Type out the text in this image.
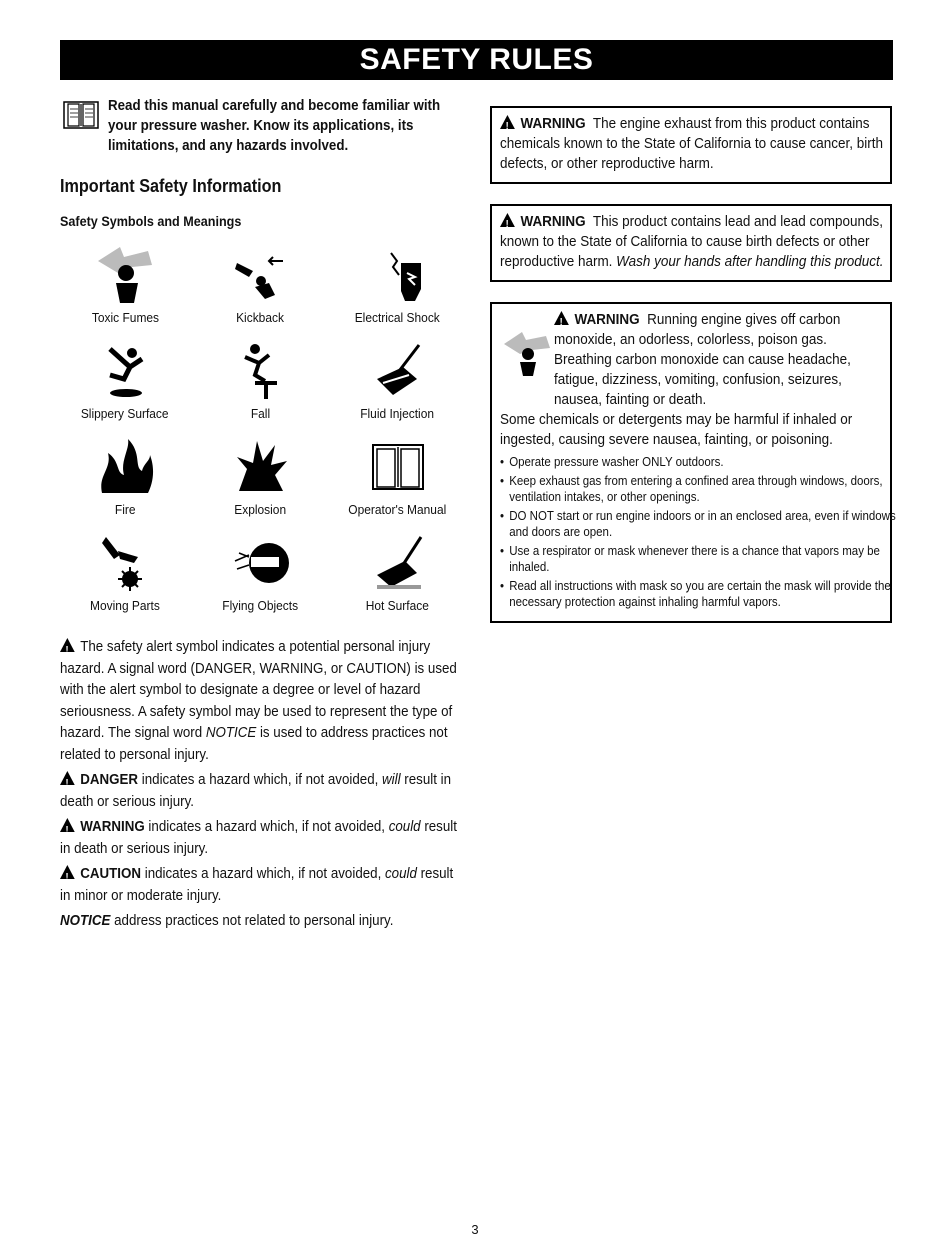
SAFETY RULES

Read this manual carefully and become familiar with your pressure washer. Know its applications, its limitations, and any hazards involved.

Important Safety Information
Safety Symbols and Meanings
Toxic Fumes	Kickback	Electrical Shock
Slippery Surface	Fall	Fluid Injection
Fire	Explosion	Operator's Manual
Moving Parts	Flying Objects	Hot Surface

!The safety alert symbol indicates a potential personal injury hazard. A signal word (DANGER, WARNING, or CAUTION) is used with the alert symbol to designate a degree or level of hazard seriousness. A safety symbol may be used to represent the type of hazard. The signal word NOTICE is used to address practices not related to personal injury.

!DANGER indicates a hazard which, if not avoided, will result in death or serious injury.

!WARNING indicates a hazard which, if not avoided, could result in death or serious injury.

!CAUTION indicates a hazard which, if not avoided, could result in minor or moderate injury.

NOTICE address practices not related to personal injury.

!WARNING The engine exhaust from this product contains chemicals known to the State of California to cause cancer, birth defects, or other reproductive harm.

!WARNING This product contains lead and lead compounds, known to the State of California to cause birth defects or other reproductive harm. Wash your hands after handling this product.

!WARNING Running engine gives off carbon monoxide, an odorless, colorless, poison gas. Breathing carbon monoxide can cause headache, fatigue, dizziness, vomiting, confusion, seizures, nausea, fainting or death.

Some chemicals or detergents may be harmful if inhaled or ingested, causing severe nausea, fainting, or poisoning.

• Operate pressure washer ONLY outdoors.
• Keep exhaust gas from entering a confined area through windows, doors, ventilation intakes, or other openings.
• DO NOT start or run engine indoors or in an enclosed area, even if windows and doors are open.
• Use a respirator or mask whenever there is a chance that vapors may be inhaled.
• Read all instructions with mask so you are certain the mask will provide the necessary protection against inhaling harmful vapors.
3
